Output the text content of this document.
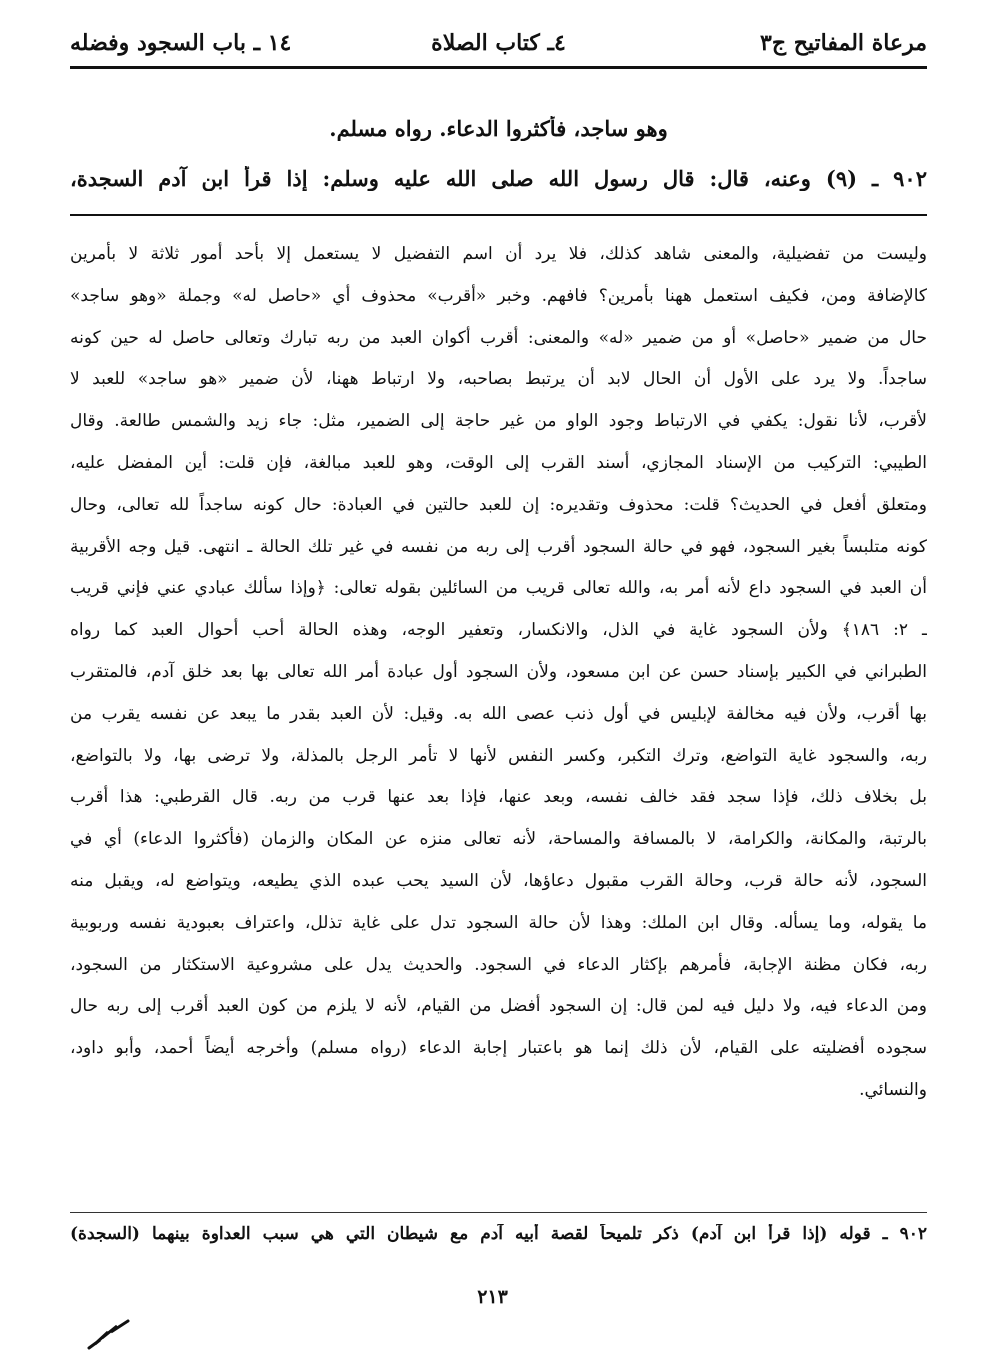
مرعاة المفاتيح ج٣
٤ـ كتاب الصلاة
١٤ ـ باب السجود وفضله
وهو ساجد، فأكثروا الدعاء. رواه مسلم.
٩٠٢ ـ (٩) وعنه، قال: قال رسول الله صلى الله عليه وسلم: إذا قرأ ابن آدم السجدة،
وليست من تفضيلية، والمعنى شاهد كذلك، فلا يرد أن اسم التفضيل لا يستعمل إلا بأحد أمور ثلاثة لا بأمرين
كالإضافة ومن، فكيف استعمل ههنا بأمرين؟ فافهم. وخبر «أقرب» محذوف أي «حاصل له» وجملة «وهو ساجد»
حال من ضمير «حاصل» أو من ضمير «له» والمعنى: أقرب أكوان العبد من ربه تبارك وتعالى حاصل له حين كونه
ساجداً. ولا يرد على الأول أن الحال لابد أن يرتبط بصاحبه، ولا ارتباط ههنا، لأن ضمير «هو ساجد» للعبد لا
لأقرب، لأنا نقول: يكفي في الارتباط وجود الواو من غير حاجة إلى الضمير، مثل: جاء زيد والشمس طالعة. وقال
الطيبي: التركيب من الإسناد المجازي، أسند القرب إلى الوقت، وهو للعبد مبالغة، فإن قلت: أين المفضل عليه،
ومتعلق أفعل في الحديث؟ قلت: محذوف وتقديره: إن للعبد حالتين في العبادة: حال كونه ساجداً لله تعالى، وحال
كونه متلبساً بغير السجود، فهو في حالة السجود أقرب إلى ربه من نفسه في غير تلك الحالة ـ انتهى. قيل وجه الأقربية
أن العبد في السجود داع لأنه أمر به، والله تعالى قريب من السائلين بقوله تعالى: ﴿وإذا سألك عبادي عني فإني قريب
ـ ٢: ١٨٦﴾ ولأن السجود غاية في الذل، والانكسار، وتعفير الوجه، وهذه الحالة أحب أحوال العبد كما رواه
الطبراني في الكبير بإسناد حسن عن ابن مسعود، ولأن السجود أول عبادة أمر الله تعالى بها بعد خلق آدم، فالمتقرب
بها أقرب، ولأن فيه مخالفة لإبليس في أول ذنب عصى الله به. وقيل: لأن العبد بقدر ما يبعد عن نفسه يقرب من
ربه، والسجود غاية التواضع، وترك التكبر، وكسر النفس لأنها لا تأمر الرجل بالمذلة، ولا ترضى بها، ولا بالتواضع،
بل بخلاف ذلك، فإذا سجد فقد خالف نفسه، وبعد عنها، فإذا بعد عنها قرب من ربه. قال القرطبي: هذا أقرب
بالرتبة، والمكانة، والكرامة، لا بالمسافة والمساحة، لأنه تعالى منزه عن المكان والزمان (فأكثروا الدعاء) أي في
السجود، لأنه حالة قرب، وحالة القرب مقبول دعاؤها، لأن السيد يحب عبده الذي يطيعه، ويتواضع له، ويقبل منه
ما يقوله، وما يسأله. وقال ابن الملك: وهذا لأن حالة السجود تدل على غاية تذلل، واعتراف بعبودية نفسه وربوبية
ربه، فكان مظنة الإجابة، فأمرهم بإكثار الدعاء في السجود. والحديث يدل على مشروعية الاستكثار من السجود،
ومن الدعاء فيه، ولا دليل فيه لمن قال: إن السجود أفضل من القيام، لأنه لا يلزم من كون العبد أقرب إلى ربه حال
سجوده أفضليته على القيام، لأن ذلك إنما هو باعتبار إجابة الدعاء (رواه مسلم) وأخرجه أيضاً أحمد، وأبو داود،
والنسائي.
٩٠٢ ـ قوله (إذا قرأ ابن آدم) ذكر تلميحاً لقصة أبيه آدم مع شيطان التي هي سبب العداوة بينهما (السجدة)
٢١٣
